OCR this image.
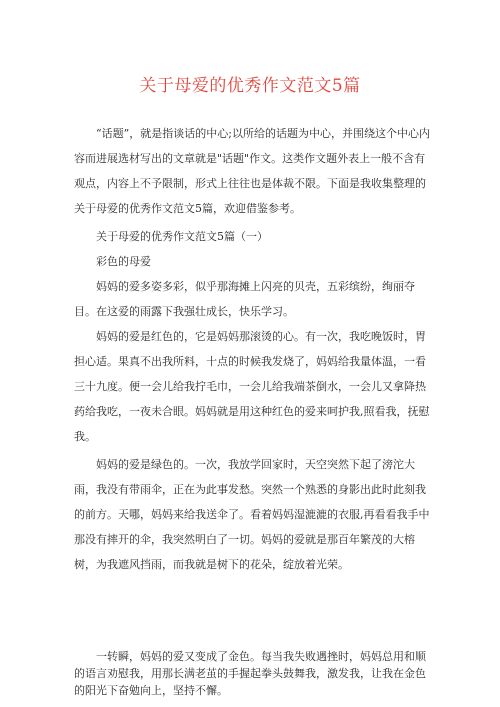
关于母爱的优秀作文范文5篇

“话题”，就是指谈话的中心;以所给的话题为中心，并围绕这个中心内容而进展选材写出的文章就是"话题"作文。这类作文题外表上一般不含有观点，内容上不予限制，形式上往往也是体裁不限。下面是我收集整理的关于母爱的优秀作文范文5篇，欢迎借鉴参考。

关于母爱的优秀作文范文5篇（一）

彩色的母爱

妈妈的爱多姿多彩，似乎那海摊上闪亮的贝壳，五彩缤纷，绚丽夺目。在这爱的雨露下我强壮成长，快乐学习。

妈妈的爱是红色的，它是妈妈那滚烫的心。有一次，我吃晚饭时，胃担心适。果真不出我所料，十点的时候我发烧了，妈妈给我量体温，一看三十九度。便一会儿给我拧毛巾，一会儿给我端茶倒水，一会儿又拿降热药给我吃，一夜未合眼。妈妈就是用这种红色的爱来呵护我,照看我，抚慰我。

妈妈的爱是绿色的。一次，我放学回家时，天空突然下起了滂沱大雨，我没有带雨伞，正在为此事发愁。突然一个熟悉的身影出此时此刻我的前方。天哪，妈妈来给我送伞了。看着妈妈湿漉漉的衣服,再看看我手中那没有摔开的伞，我突然明白了一切。妈妈的爱就是那百年繁茂的大榕树，为我遮风挡雨，而我就是树下的花朵，绽放着光荣。

一转瞬，妈妈的爱又变成了金色。每当我失败遇挫时，妈妈总用和顺的语言劝慰我，用那长满老茧的手握起拳头鼓舞我，激发我，让我在金色的阳光下奋勉向上，坚持不懈。
